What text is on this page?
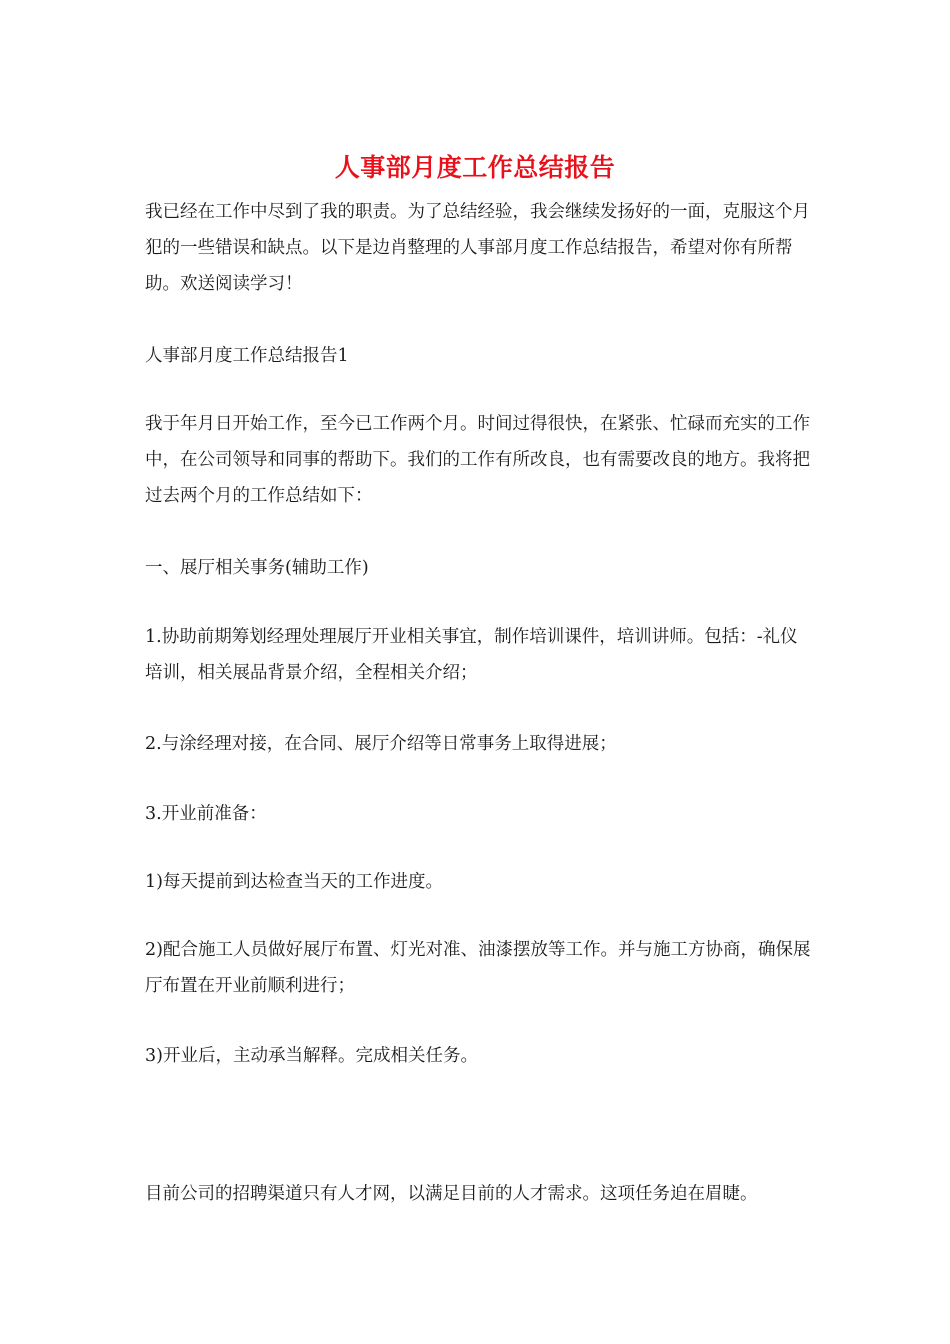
人事部月度工作总结报告

我已经在工作中尽到了我的职责。为了总结经验，我会继续发扬好的一面，克服这个月犯的一些错误和缺点。以下是边肖整理的人事部月度工作总结报告，希望对你有所帮助。欢送阅读学习！

人事部月度工作总结报告1

我于年月日开始工作，至今已工作两个月。时间过得很快，在紧张、忙碌而充实的工作中，在公司领导和同事的帮助下。我们的工作有所改良，也有需要改良的地方。我将把过去两个月的工作总结如下：

一、展厅相关事务(辅助工作)

1.协助前期筹划经理处理展厅开业相关事宜，制作培训课件，培训讲师。包括：-礼仪培训，相关展品背景介绍，全程相关介绍；

2.与涂经理对接，在合同、展厅介绍等日常事务上取得进展；

3.开业前准备：

1)每天提前到达检查当天的工作进度。

2)配合施工人员做好展厅布置、灯光对准、油漆摆放等工作。并与施工方协商，确保展厅布置在开业前顺利进行；

3)开业后，主动承当解释。完成相关任务。

目前公司的招聘渠道只有人才网，以满足目前的人才需求。这项任务迫在眉睫。
